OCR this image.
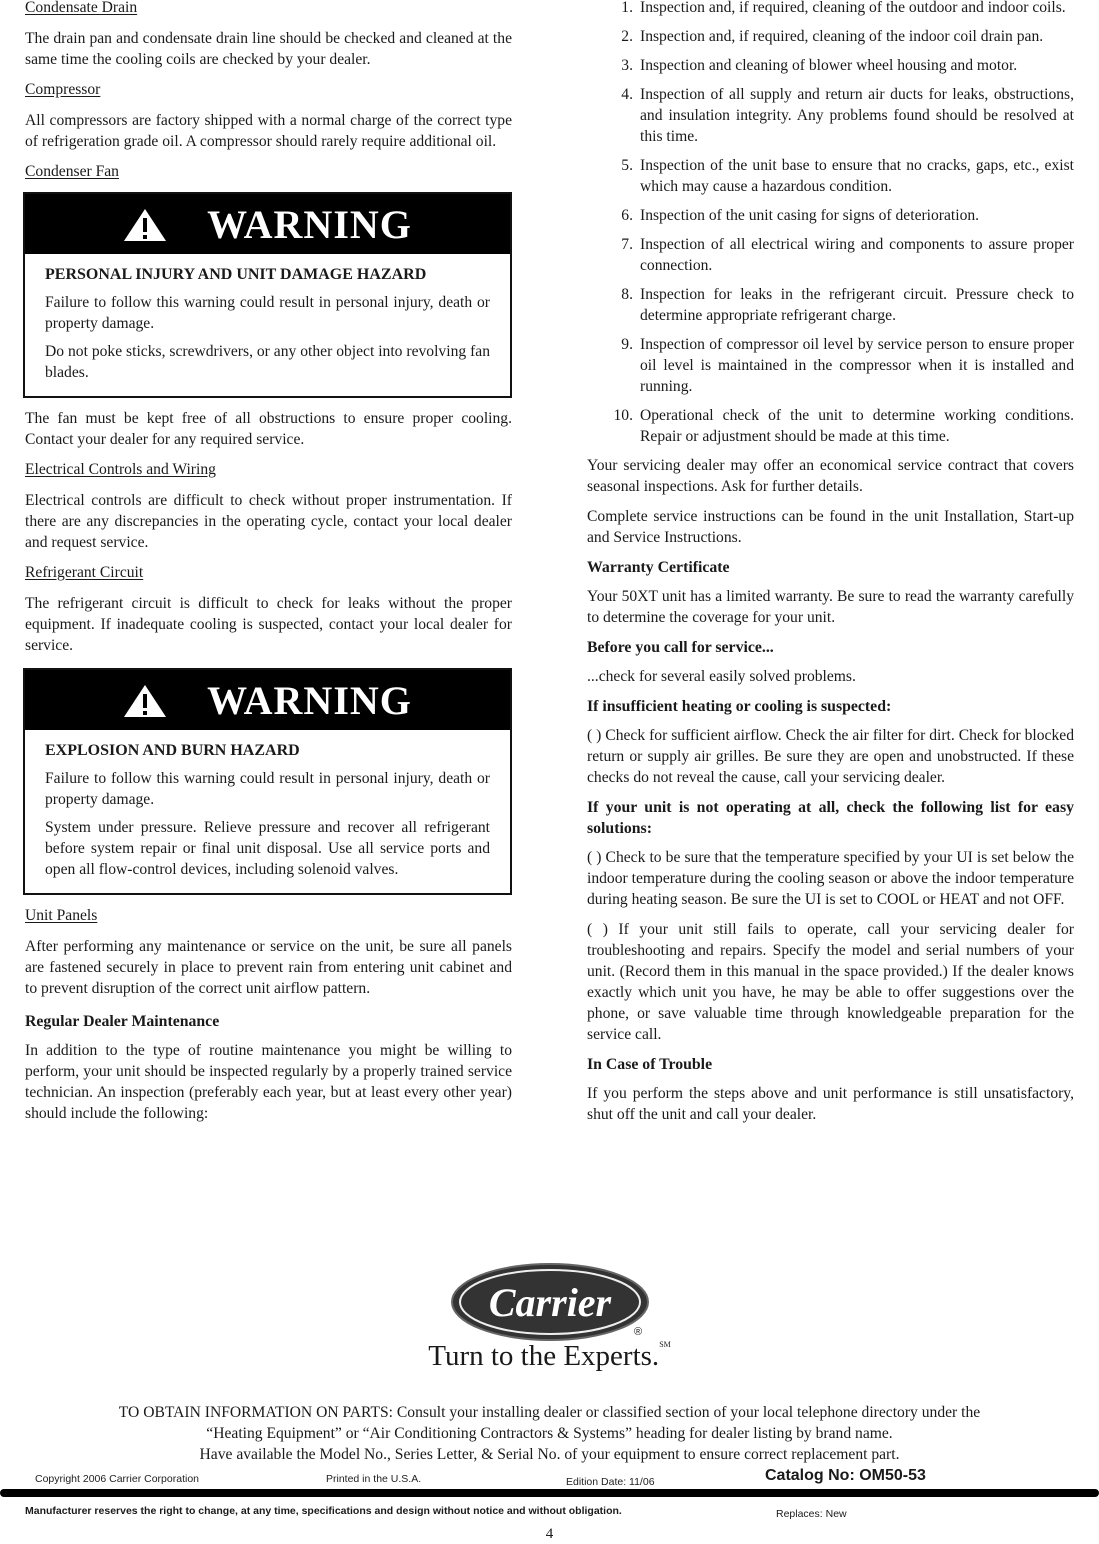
Condensate Drain

The drain pan and condensate drain line should be checked and cleaned at the same time the cooling coils are checked by your dealer.

Compressor

All compressors are factory shipped with a normal charge of the correct type of refrigeration grade oil. A compressor should rarely require additional oil.

Condenser Fan

WARNING
PERSONAL INJURY AND UNIT DAMAGE HAZARD

Failure to follow this warning could result in personal injury, death or property damage.

Do not poke sticks, screwdrivers, or any other object into revolving fan blades.

The fan must be kept free of all obstructions to ensure proper cooling. Contact your dealer for any required service.

Electrical Controls and Wiring

Electrical controls are difficult to check without proper instrumentation. If there are any discrepancies in the operating cycle, contact your local dealer and request service.

Refrigerant Circuit

The refrigerant circuit is difficult to check for leaks without the proper equipment. If inadequate cooling is suspected, contact your local dealer for service.

WARNING
EXPLOSION AND BURN HAZARD

Failure to follow this warning could result in personal injury, death or property damage.

System under pressure. Relieve pressure and recover all refrigerant before system repair or final unit disposal. Use all service ports and open all flow-control devices, including solenoid valves.

Unit Panels

After performing any maintenance or service on the unit, be sure all panels are fastened securely in place to prevent rain from entering unit cabinet and to prevent disruption of the correct unit airflow pattern.

Regular Dealer Maintenance

In addition to the type of routine maintenance you might be willing to perform, your unit should be inspected regularly by a properly trained service technician. An inspection (preferably each year, but at least every other year) should include the following:

1. Inspection and, if required, cleaning of the outdoor and indoor coils.
2. Inspection and, if required, cleaning of the indoor coil drain pan.
3. Inspection and cleaning of blower wheel housing and motor.
4. Inspection of all supply and return air ducts for leaks, obstructions, and insulation integrity. Any problems found should be resolved at this time.
5. Inspection of the unit base to ensure that no cracks, gaps, etc., exist which may cause a hazardous condition.
6. Inspection of the unit casing for signs of deterioration.
7. Inspection of all electrical wiring and components to assure proper connection.
8. Inspection for leaks in the refrigerant circuit. Pressure check to determine appropriate refrigerant charge.
9. Inspection of compressor oil level by service person to ensure proper oil level is maintained in the compressor when it is installed and running.
10. Operational check of the unit to determine working conditions. Repair or adjustment should be made at this time.

Your servicing dealer may offer an economical service contract that covers seasonal inspections. Ask for further details.

Complete service instructions can be found in the unit Installation, Start-up and Service Instructions.

Warranty Certificate

Your 50XT unit has a limited warranty. Be sure to read the warranty carefully to determine the coverage for your unit.

Before you call for service...

...check for several easily solved problems.

If insufficient heating or cooling is suspected:

( ) Check for sufficient airflow. Check the air filter for dirt. Check for blocked return or supply air grilles. Be sure they are open and unobstructed. If these checks do not reveal the cause, call your servicing dealer.

If your unit is not operating at all, check the following list for easy solutions:

( ) Check to be sure that the temperature specified by your UI is set below the indoor temperature during the cooling season or above the indoor temperature during heating season. Be sure the UI is set to COOL or HEAT and not OFF.

( ) If your unit still fails to operate, call your servicing dealer for troubleshooting and repairs. Specify the model and serial numbers of your unit. (Record them in this manual in the space provided.) If the dealer knows exactly which unit you have, he may be able to offer suggestions over the phone, or save valuable time through knowledgeable preparation for the service call.

In Case of Trouble

If you perform the steps above and unit performance is still unsatisfactory, shut off the unit and call your dealer.

Carrier
®
Turn to the Experts.℠
TO OBTAIN INFORMATION ON PARTS: Consult your installing dealer or classified section of your local telephone directory under the
“Heating Equipment” or “Air Conditioning Contractors & Systems” heading for dealer listing by brand name.
Have available the Model No., Series Letter, & Serial No. of your equipment to ensure correct replacement part.
Copyright 2006 Carrier Corporation	Printed in the U.S.A.	Edition Date: 11/06	Catalog No: OM50-53
Manufacturer reserves the right to change, at any time, specifications and design without notice and without obligation.	Replaces: New
4
